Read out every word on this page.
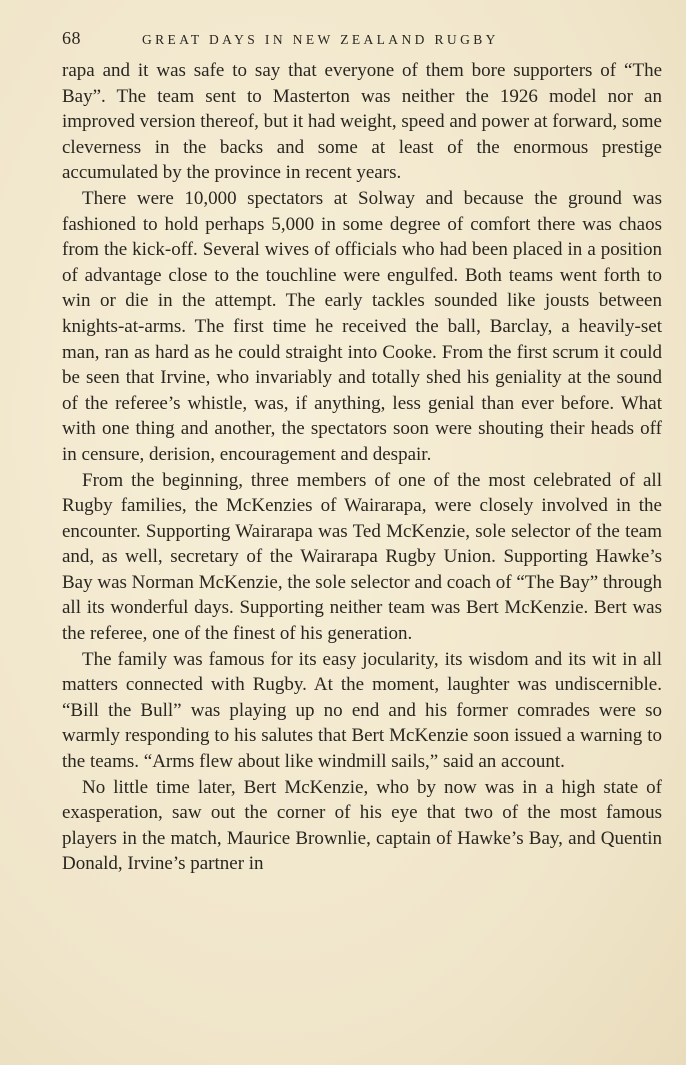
68	GREAT DAYS IN NEW ZEALAND RUGBY

rapa and it was safe to say that everyone of them bore supporters of “The Bay”. The team sent to Masterton was neither the 1926 model nor an improved version thereof, but it had weight, speed and power at forward, some cleverness in the backs and some at least of the enormous prestige accumulated by the province in recent years.

There were 10,000 spectators at Solway and because the ground was fashioned to hold perhaps 5,000 in some degree of comfort there was chaos from the kick-off. Several wives of officials who had been placed in a position of advantage close to the touchline were engulfed. Both teams went forth to win or die in the attempt. The early tackles sounded like jousts between knights-at-arms. The first time he received the ball, Barclay, a heavily-set man, ran as hard as he could straight into Cooke. From the first scrum it could be seen that Irvine, who invariably and totally shed his geniality at the sound of the referee’s whistle, was, if anything, less genial than ever before. What with one thing and another, the spectators soon were shouting their heads off in censure, derision, encouragement and despair.

From the beginning, three members of one of the most celebrated of all Rugby families, the McKenzies of Wairarapa, were closely involved in the encounter. Supporting Wairarapa was Ted McKenzie, sole selector of the team and, as well, secretary of the Wairarapa Rugby Union. Supporting Hawke’s Bay was Norman McKenzie, the sole selector and coach of “The Bay” through all its wonderful days. Supporting neither team was Bert McKenzie. Bert was the referee, one of the finest of his generation.

The family was famous for its easy jocularity, its wisdom and its wit in all matters connected with Rugby. At the moment, laughter was undiscernible. “Bill the Bull” was playing up no end and his former comrades were so warmly responding to his salutes that Bert McKenzie soon issued a warning to the teams. “Arms flew about like windmill sails,” said an account.

No little time later, Bert McKenzie, who by now was in a high state of exasperation, saw out the corner of his eye that two of the most famous players in the match, Maurice Brownlie, captain of Hawke’s Bay, and Quentin Donald, Irvine’s partner in
